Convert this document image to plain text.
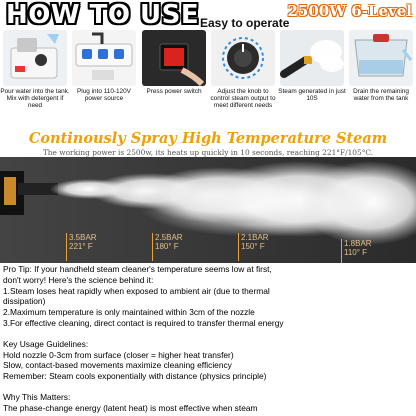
HOW TO USE Easy to operate
2500W 6-Level
Pour water into the tank.
Mix with detergent if need
Plug into 110-120V power source
Press power switch	Adjust the knob to control steam output to meet different needs
Steam generated in just 10S
Drain the remaining water from the tank
Continously Spray High Temperature Steam
The working power is 2500w, its heats up quickly in 10 seconds, reaching 221°F/105°C.
3.5BAR
221° F
2.5BAR
180° F
2.1BAR
150° F	1.8BAR
110° F
Pro Tip: If your handheld steam cleaner's temperature seems low at first,
don't worry! Here's the science behind it:
1.Steam loses heat rapidly when exposed to ambient air (due to thermal
dissipation)
2.Maximum temperature is only maintained within 3cm of the nozzle
3.For effective cleaning, direct contact is required to transfer thermal energy
Key Usage Guidelines:
Hold nozzle 0-3cm from surface (closer = higher heat transfer)
Slow, contact-based movements maximize cleaning efficiency
Remember: Steam cools exponentially with distance (physics principle)
Why This Matters:
The phase-change energy (latent heat) is most effective when steam
